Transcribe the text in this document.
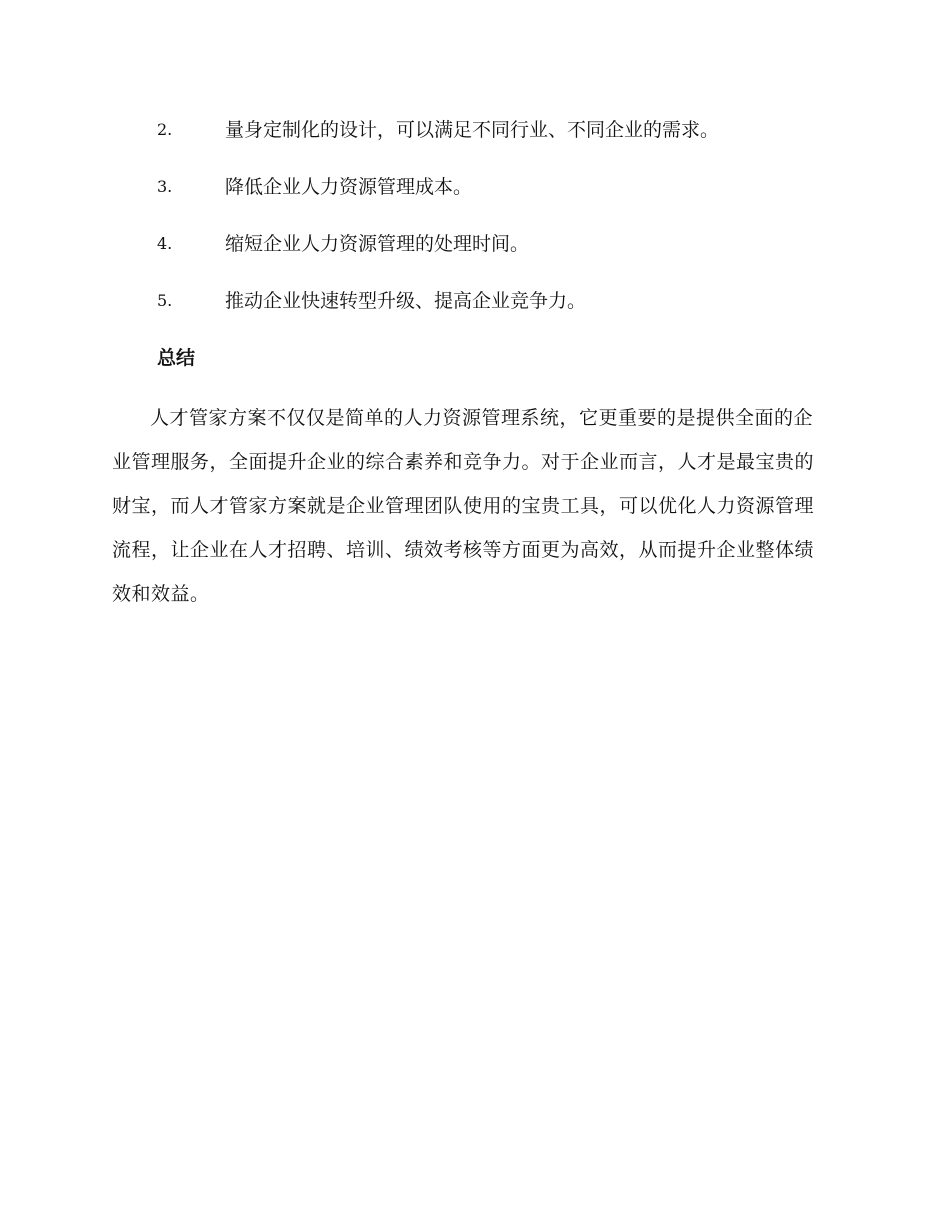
2.	量身定制化的设计，可以满足不同行业、不同企业的需求。
3.	降低企业人力资源管理成本。
4.	缩短企业人力资源管理的处理时间。
5.	推动企业快速转型升级、提高企业竞争力。
总结

人才管家方案不仅仅是简单的人力资源管理系统，它更重要的是提供全面的企业管理服务，全面提升企业的综合素养和竞争力。对于企业而言，人才是最宝贵的财宝，而人才管家方案就是企业管理团队使用的宝贵工具，可以优化人力资源管理流程，让企业在人才招聘、培训、绩效考核等方面更为高效，从而提升企业整体绩效和效益。
